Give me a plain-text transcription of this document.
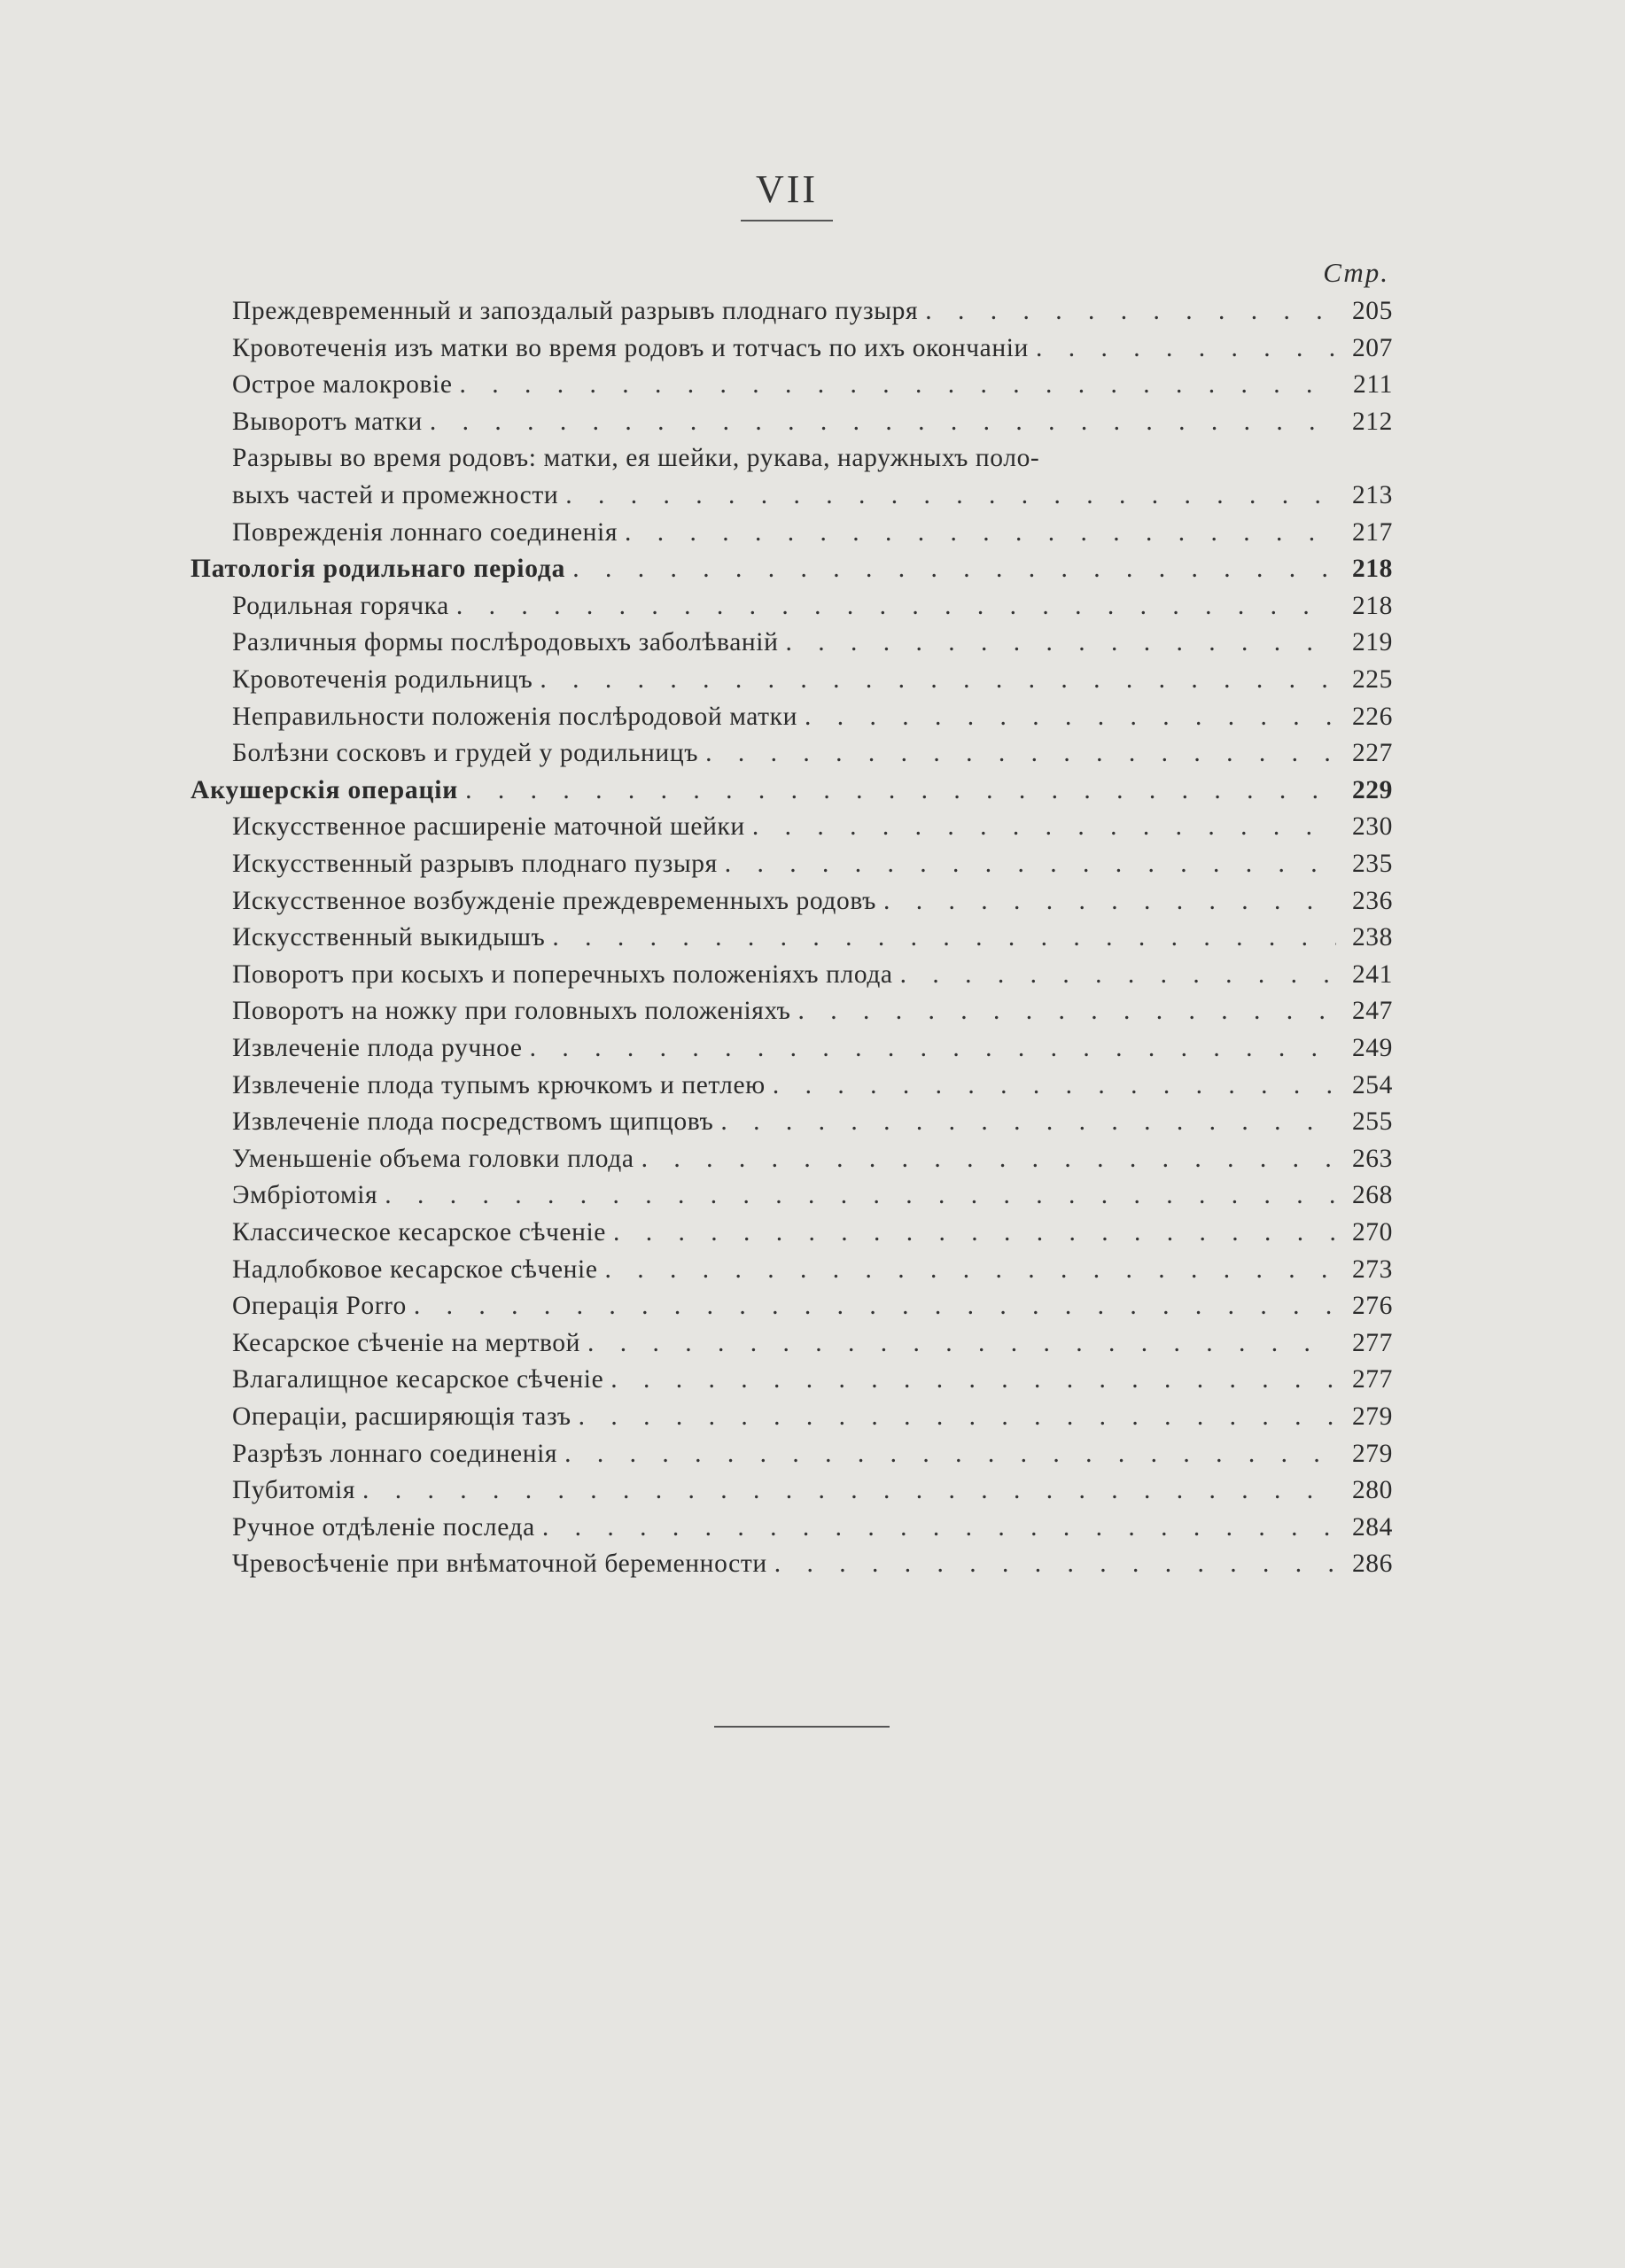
VII
Стр.
Преждевременный и запоздалый разрывъ плоднаго пузыря . . .	205
Кровотеченія изъ матки во время родовъ и тотчасъ по ихъ окончаніи . . .	207
Острое малокровіе . . .	211
Выворотъ матки . . .	212
Разрывы во время родовъ: матки, ея шейки, рукава, наружныхъ поло-
выхъ частей и промежности . . .	213
Поврежденія лоннаго соединенія . . .	217
Патологія родильнаго періода . . .	218
Родильная горячка . . .	218
Различныя формы послѣродовыхъ заболѣваній . . .	219
Кровотеченія родильницъ . . .	225
Неправильности положенія послѣродовой матки . . .	226
Болѣзни сосковъ и грудей у родильницъ . . .	227
Акушерскія операціи . . .	229
Искусственное расширеніе маточной шейки . . .	230
Искусственный разрывъ плоднаго пузыря . . .	235
Искусственное возбужденіе преждевременныхъ родовъ . . .	236
Искусственный выкидышъ . . .	238
Поворотъ при косыхъ и поперечныхъ положеніяхъ плода . . .	241
Поворотъ на ножку при головныхъ положеніяхъ . . .	247
Извлеченіе плода ручное . . .	249
Извлеченіе плода тупымъ крючкомъ и петлею . . .	254
Извлеченіе плода посредствомъ щипцовъ . . .	255
Уменьшеніе объема головки плода . . .	263
Эмбріотомія . . .	268
Классическое кесарское сѣченіе . . .	270
Надлобковое кесарское сѣченіе . . .	273
Операція Porro . . .	276
Кесарское сѣченіе на мертвой . . .	277
Влагалищное кесарское сѣченіе . . .	277
Операціи, расширяющія тазъ . . .	279
Разрѣзъ лоннаго соединенія . . .	279
Пубитомія . . .	280
Ручное отдѣленіе последа . . .	284
Чревосѣченіе при внѣматочной беременности . . .	286
